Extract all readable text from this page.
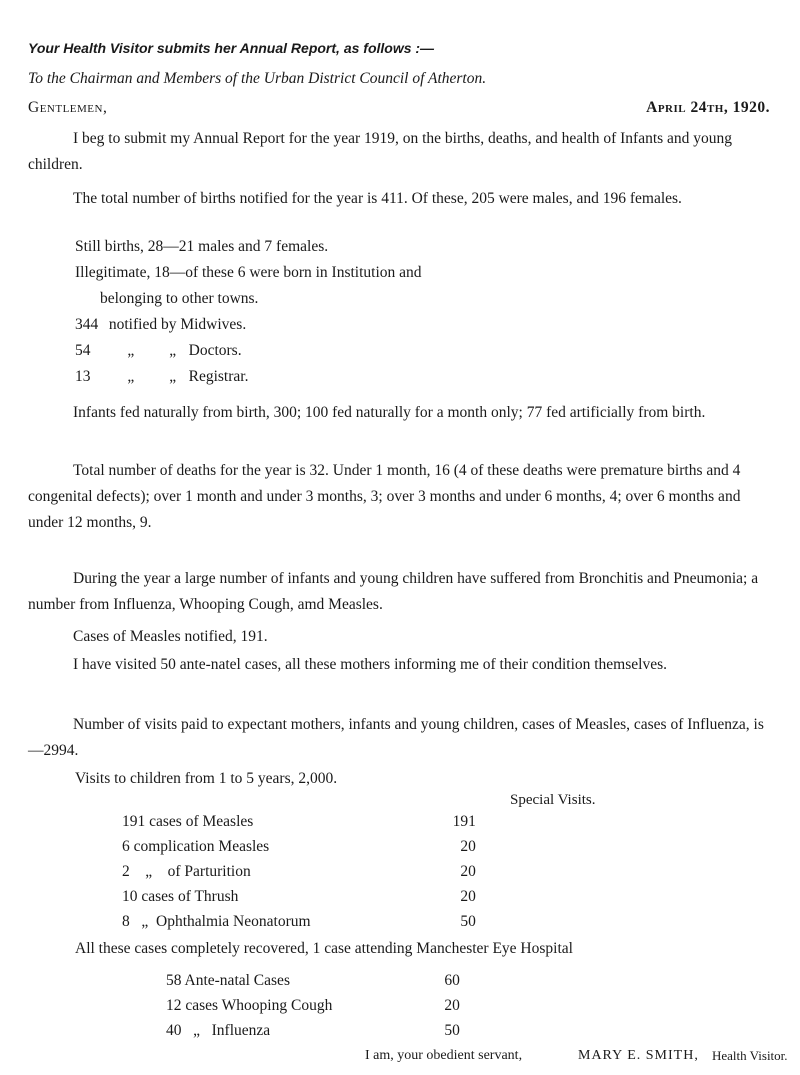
Your Health Visitor submits her Annual Report, as follows :—
To the Chairman and Members of the Urban District Council of Atherton.
Gentlemen,	April 24th, 1920.
I beg to submit my Annual Report for the year 1919, on the births, deaths, and health of Infants and young children.
The total number of births notified for the year is 411. Of these, 205 were males, and 196 females.
Still births, 28—21 males and 7 females.
Illegitimate, 18—of these 6 were born in Institution and
belonging to other towns.
344 notified by Midwives.
54 „ „ Doctors.
13 „ „ Registrar.
Infants fed naturally from birth, 300; 100 fed naturally for a month only; 77 fed artificially from birth.
Total number of deaths for the year is 32. Under 1 month, 16 (4 of these deaths were premature births and 4 congenital defects); over 1 month and under 3 months, 3; over 3 months and under 6 months, 4; over 6 months and under 12 months, 9.
During the year a large number of infants and young children have suffered from Bronchitis and Pneumonia; a number from Influenza, Whooping Cough, amd Measles.
Cases of Measles notified, 191.
I have visited 50 ante-natel cases, all these mothers informing me of their condition themselves.
Number of visits paid to expectant mothers, infants and young children, cases of Measles, cases of Influenza, is—2994.
Visits to children from 1 to 5 years, 2,000.
Special Visits.
191 cases of Measles	191
6 complication Measles	20
2    „    of Parturition	20
10 cases of Thrush	20
8   „  Ophthalmia Neonatorum	50
All these cases completely recovered, 1 case attending Manchester Eye Hospital
58 Ante-natal Cases	60
12 cases Whooping Cough	20
40   „   Influenza	50
I am, your obedient servant,	MARY E. SMITH, Health Visitor.
